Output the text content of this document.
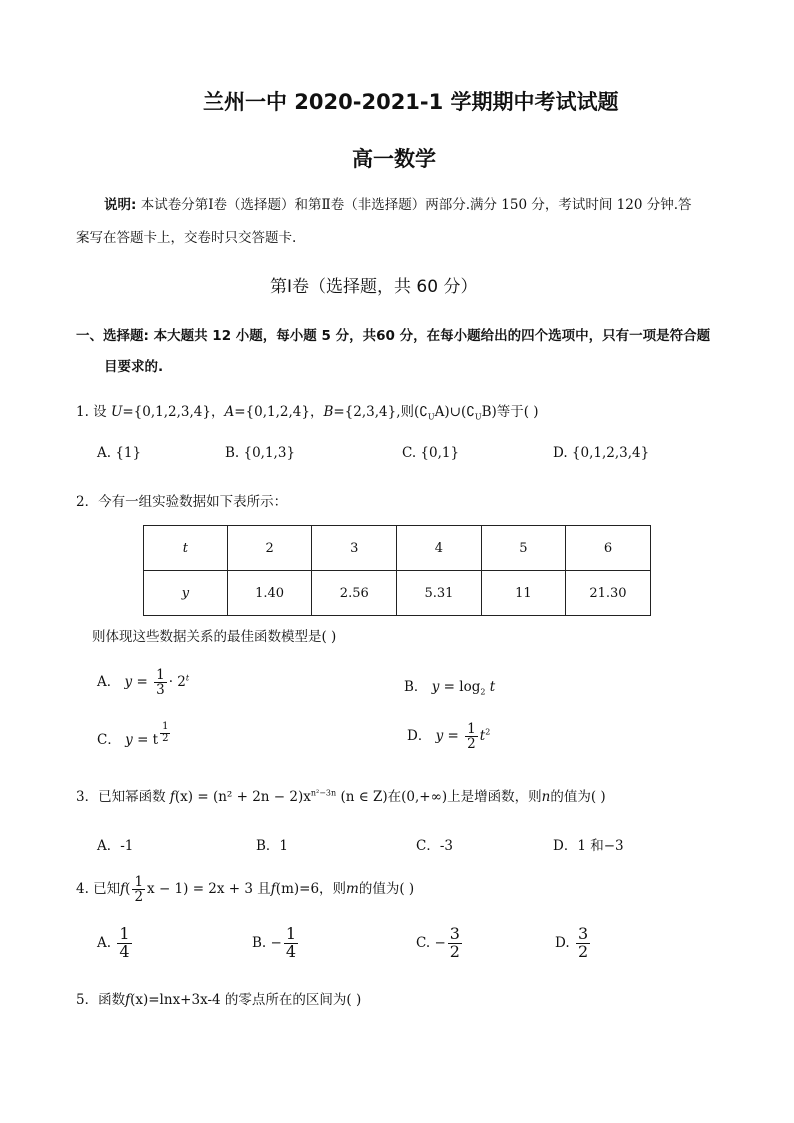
兰州一中 2020-2021-1 学期期中考试试题
高一数学
说明: 本试卷分第Ⅰ卷（选择题）和第Ⅱ卷（非选择题）两部分.满分 150 分，考试时间 120 分钟.答
案写在答题卡上，交卷时只交答题卡.
第Ⅰ卷（选择题，共 60 分）
一、选择题: 本大题共 12 小题，每小题 5 分，共60 分，在每小题给出的四个选项中，只有一项是符合题
目要求的.
1. 设 U={0,1,2,3,4}，A={0,1,2,4}，B={2,3,4},则$(∁_UA)\cup(∁_UB)$等于( )
A. {1}	B. {0,1,3}	C. {0,1}	D. {0,1,2,3,4}
2．今有一组实验数据如下表所示：
t	2	3	4	5	6
y	1.40	2.56	5.31	11	21.30
则体现这些数据关系的最佳函数模型是( )
A． $y = \frac{1}{3} \cdot 2^t$
B． $y = \log_2 t$
C． y = t $\frac{1}{2}$	D． $y = \frac{1}{2} t^2$
3．已知幂函数 $f(x) = (n^2 + 2n - 2)x^{n^2-3n}$ (n ∈ Z)在(0,+∞)上是增函数，则n的值为( )
A．-1	B．1	C．-3	D．1 和−3
4. 已知$f( \frac{1}{2}$ x − 1) = 2x + 3 且f(m)=6，则m的值为( )
A. $\frac{1}{4}$	B. − $\frac{1}{4}$	C. − $\frac{3}{2}$	D. $\frac{3}{2}$
5．函数f(x)=lnx+3x-4 的零点所在的区间为( )
